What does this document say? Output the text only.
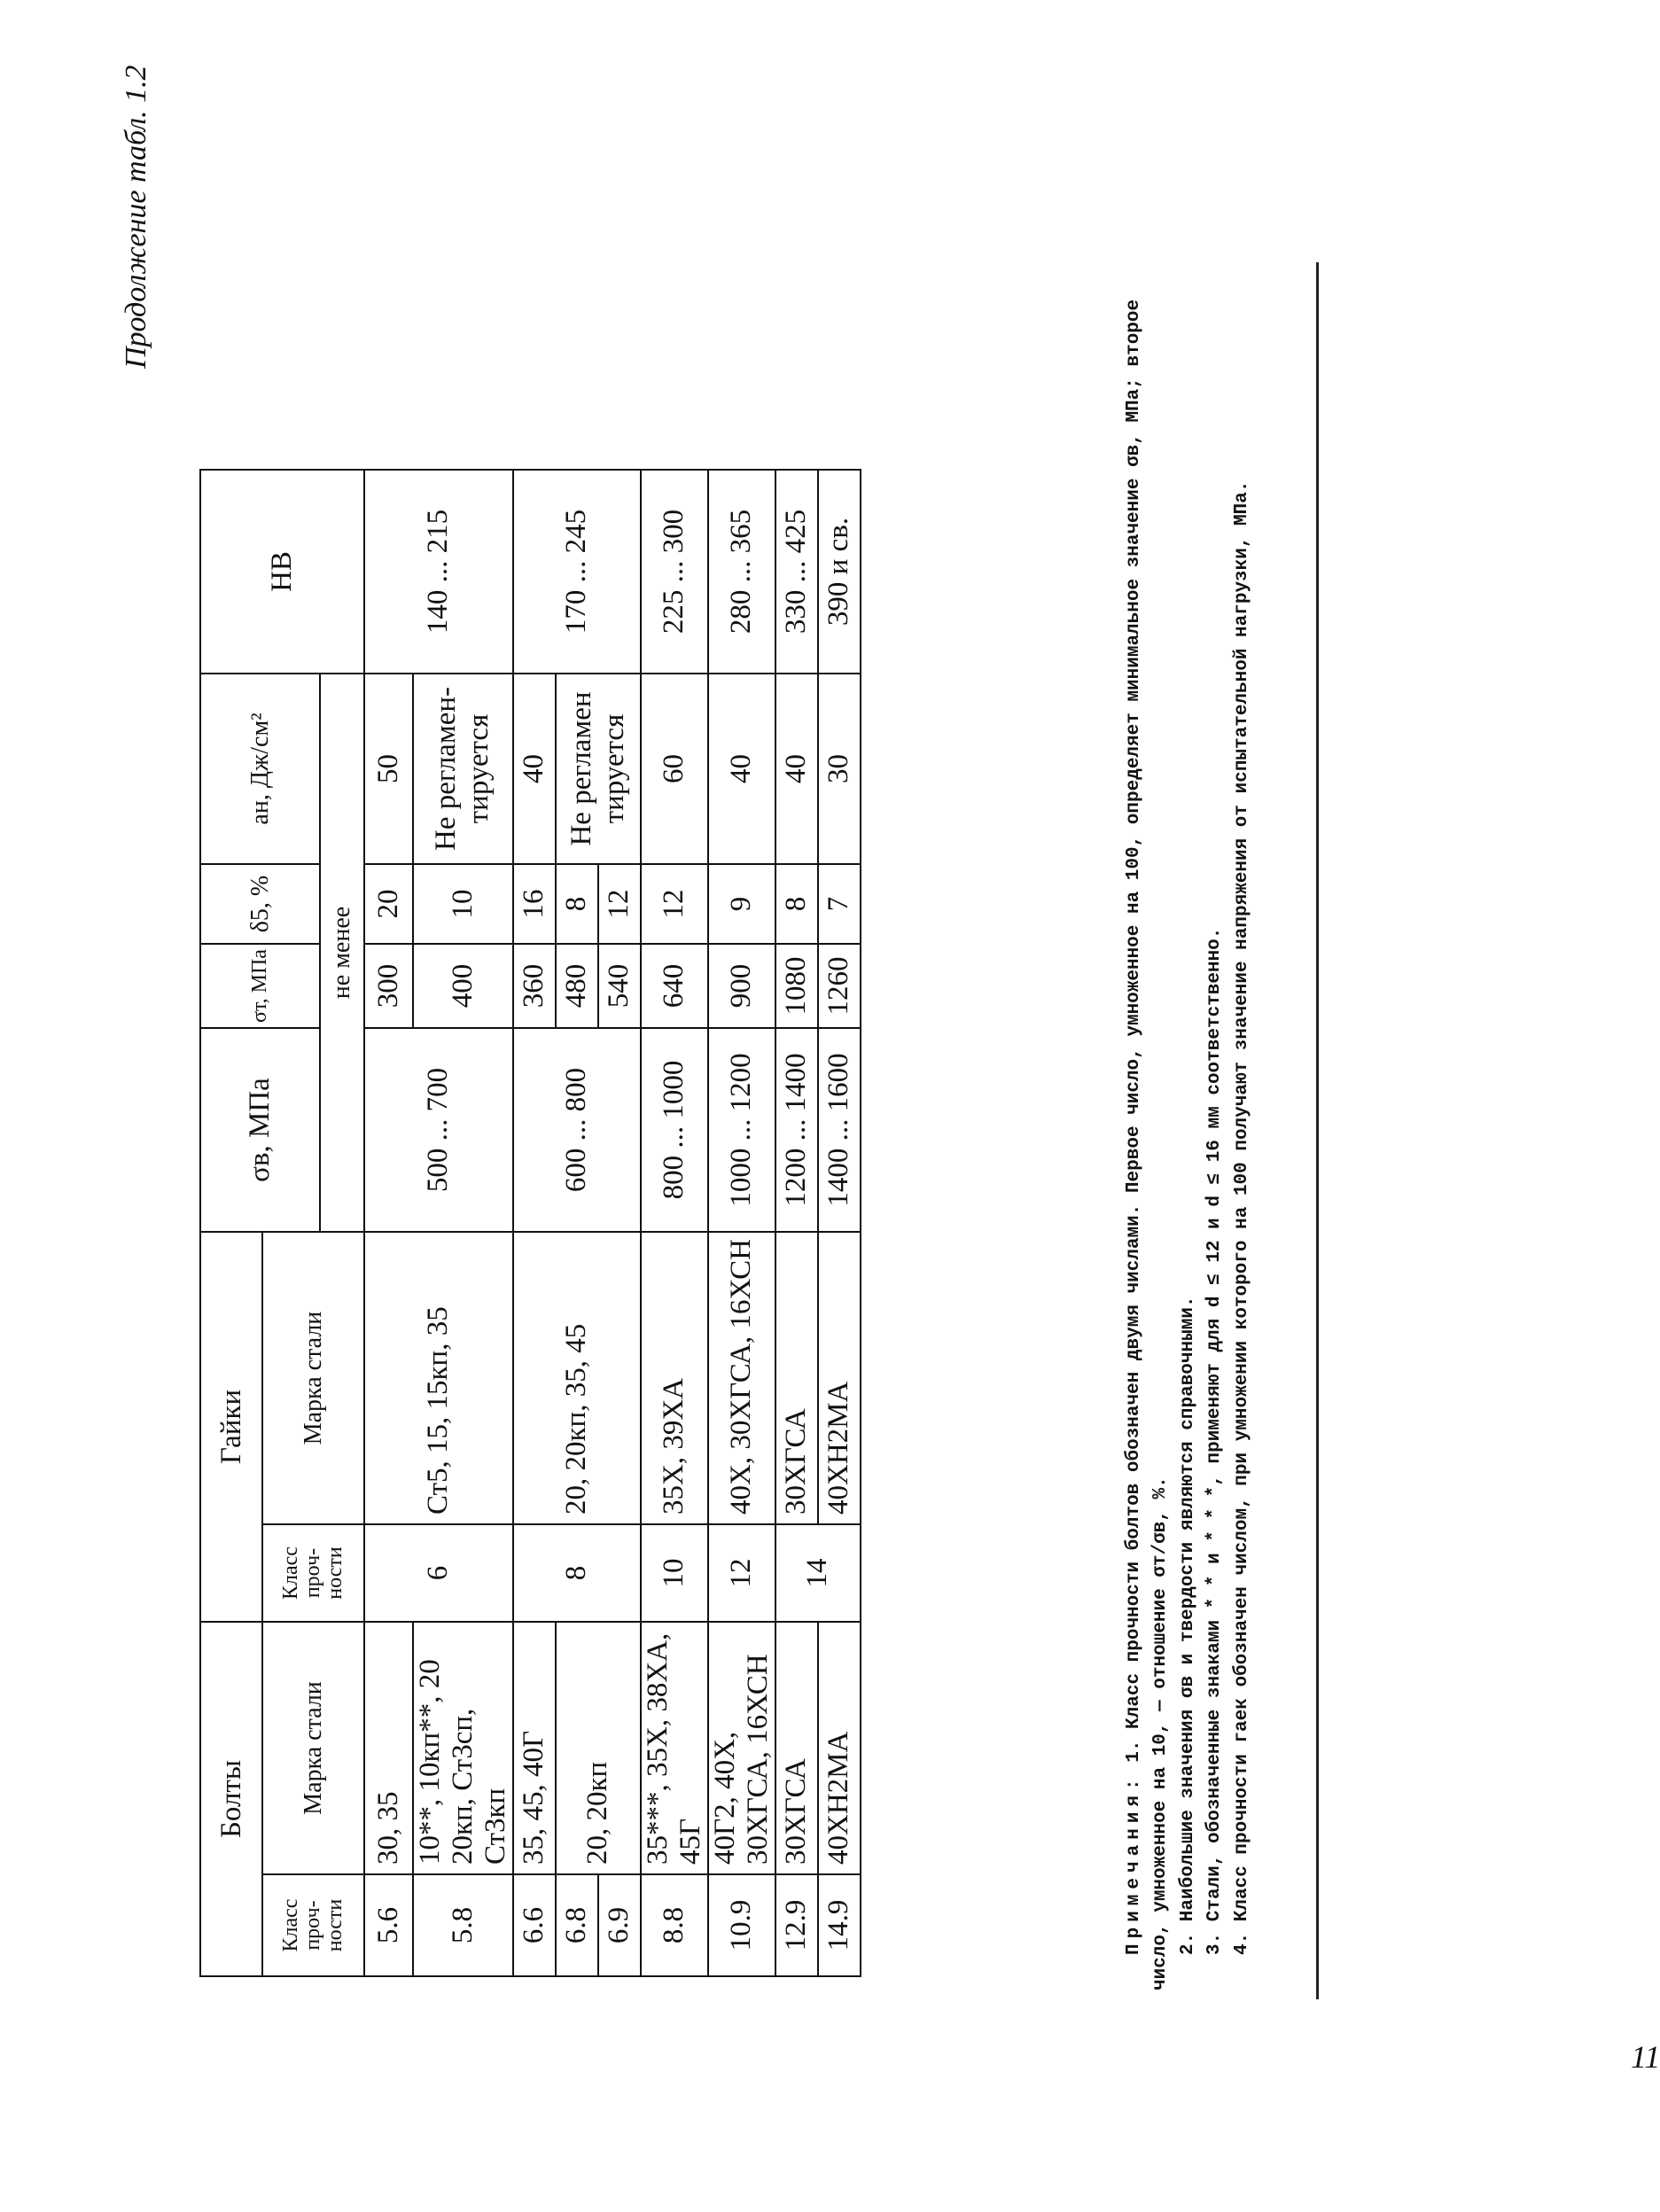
Продолжение табл. 1.2
Болты		Гайки		σв, МПа	σт, МПа	δ5, %	aн, Дж/см²	НВ
Класс проч-ности	Марка стали	Класс проч-ности	Марка стали					
				не менее				
5.6	30, 35	6	Ст5, 15, 15кп, 35	500 ... 700	300	20	50	140 ... 215
5.8	10**, 10кп**, 20 20кп, Ст3сп, Ст3кп				400	10	Не регламен-тируется	
6.6	35, 45, 40Г	8	20, 20кп, 35, 45	600 ... 800	360	16	40	170 ... 245
6.8	20, 20кп				480	8	Не регламен тируется	
6.9					540	12		
8.8	35***, 35Х, 38ХА, 45Г	10	35Х, 39ХА	800 ... 1000	640	12	60	225 ... 300
10.9	40Г2, 40Х, 30ХГСА, 16ХСН	12	40Х, 30ХГСА, 16ХСН	1000 ... 1200	900	9	40	280 ... 365
12.9	30ХГСА	14	30ХГСА	1200 ... 1400	1080	8	40	330 ... 425
14.9	40ХН2МА		40ХН2МА	1400 ... 1600	1260	7	30	390 и св.

Примечания: 1. Класс прочности болтов обозначен двумя числами. Первое число, умноженное на 100, определяет минимальное значение σв, МПа; второе число, умноженное на 10, — отношение σт/σв, %. 2. Наибольшие значения σв и твердости являются справочными. 3. Стали, обозначенные знаками * * и * * *, применяют для d ≤ 12 и d ≤ 16 мм соответственно. 4. Класс прочности гаек обозначен числом, при умножении которого на 100 получают значение напряжения от испытательной нагрузки, МПа.

11
